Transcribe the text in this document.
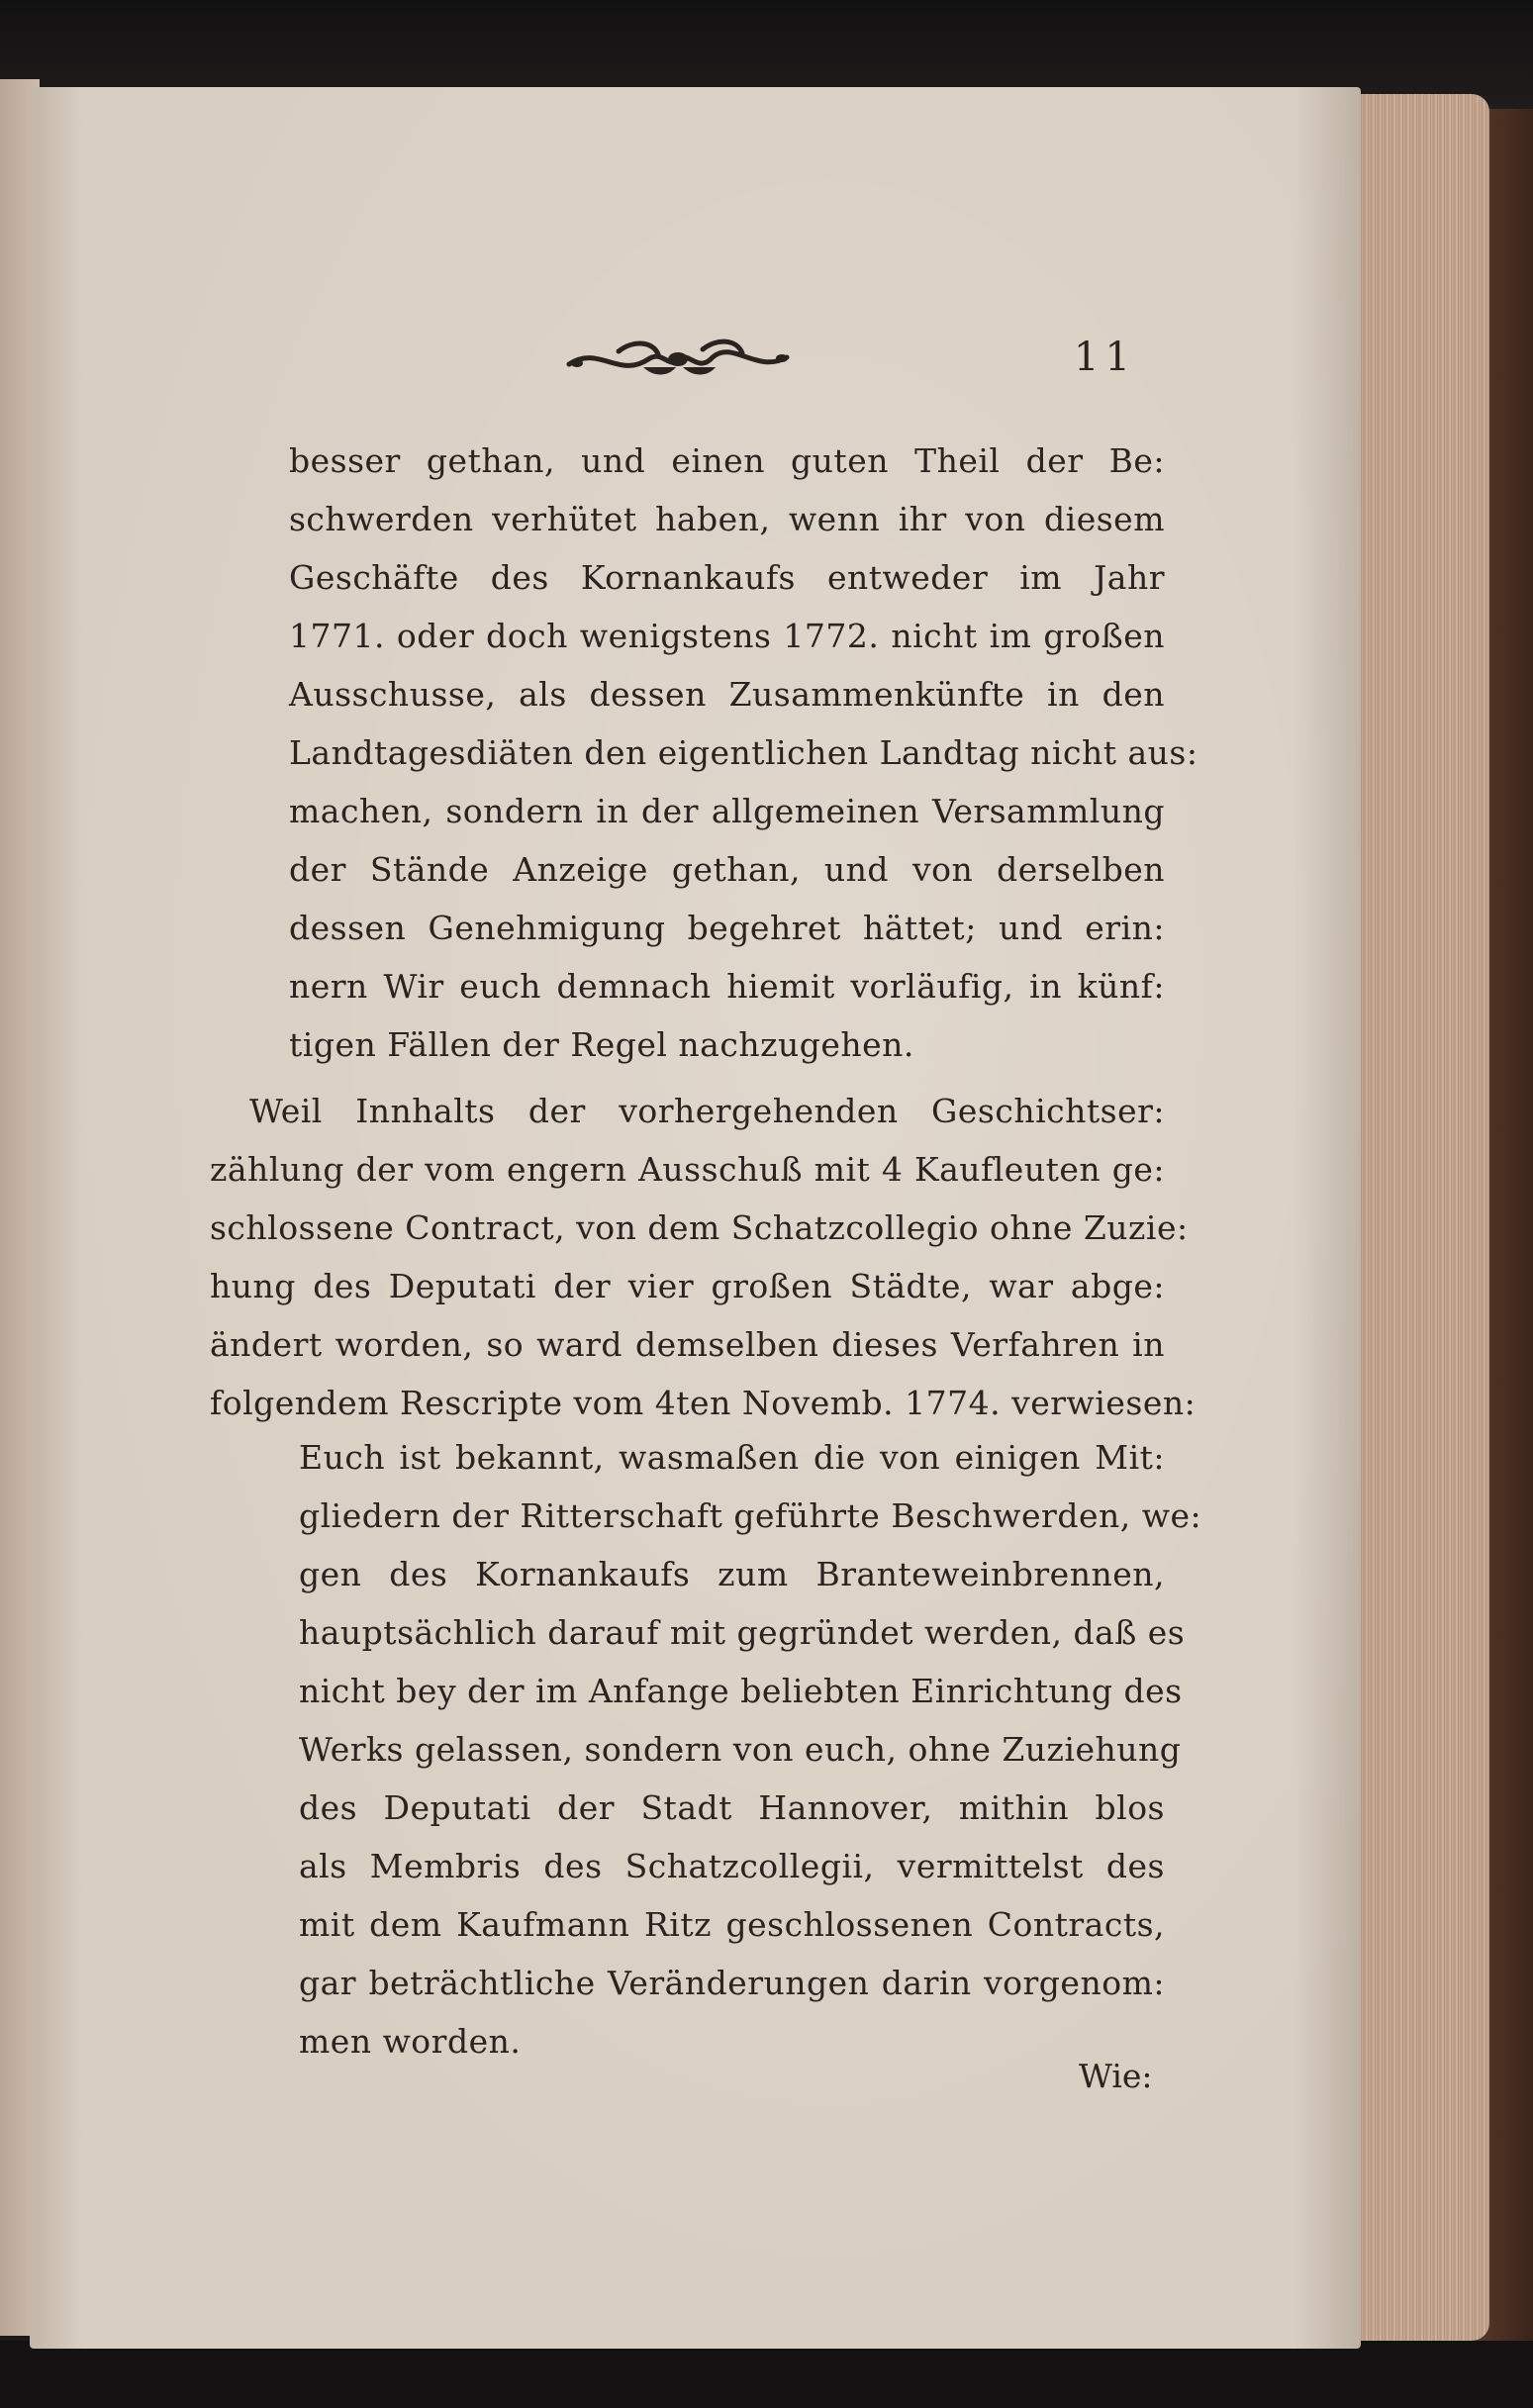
11
besser gethan, und einen guten Theil der Be:
schwerden verhütet haben, wenn ihr von diesem
Geschäfte des Kornankaufs entweder im Jahr
1771. oder doch wenigstens 1772. nicht im großen
Ausschusse, als dessen Zusammenkünfte in den
Landtagesdiäten den eigentlichen Landtag nicht aus:
machen, sondern in der allgemeinen Versammlung
der Stände Anzeige gethan, und von derselben
dessen Genehmigung begehret hättet; und erin:
nern Wir euch demnach hiemit vorläufig, in künf:
tigen Fällen der Regel nachzugehen.
Weil Innhalts der vorhergehenden Geschichtser:
zählung der vom engern Ausschuß mit 4 Kaufleuten ge:
schlossene Contract, von dem Schatzcollegio ohne Zuzie:
hung des Deputati der vier großen Städte, war abge:
ändert worden, so ward demselben dieses Verfahren in
folgendem Rescripte vom 4ten Novemb. 1774. verwiesen:
Euch ist bekannt, wasmaßen die von einigen Mit:
gliedern der Ritterschaft geführte Beschwerden, we:
gen des Kornankaufs zum Branteweinbrennen,
hauptsächlich darauf mit gegründet werden, daß es
nicht bey der im Anfange beliebten Einrichtung des
Werks gelassen, sondern von euch, ohne Zuziehung
des Deputati der Stadt Hannover, mithin blos
als Membris des Schatzcollegii, vermittelst des
mit dem Kaufmann Ritz geschlossenen Contracts,
gar beträchtliche Veränderungen darin vorgenom:
men worden.
Wie:
